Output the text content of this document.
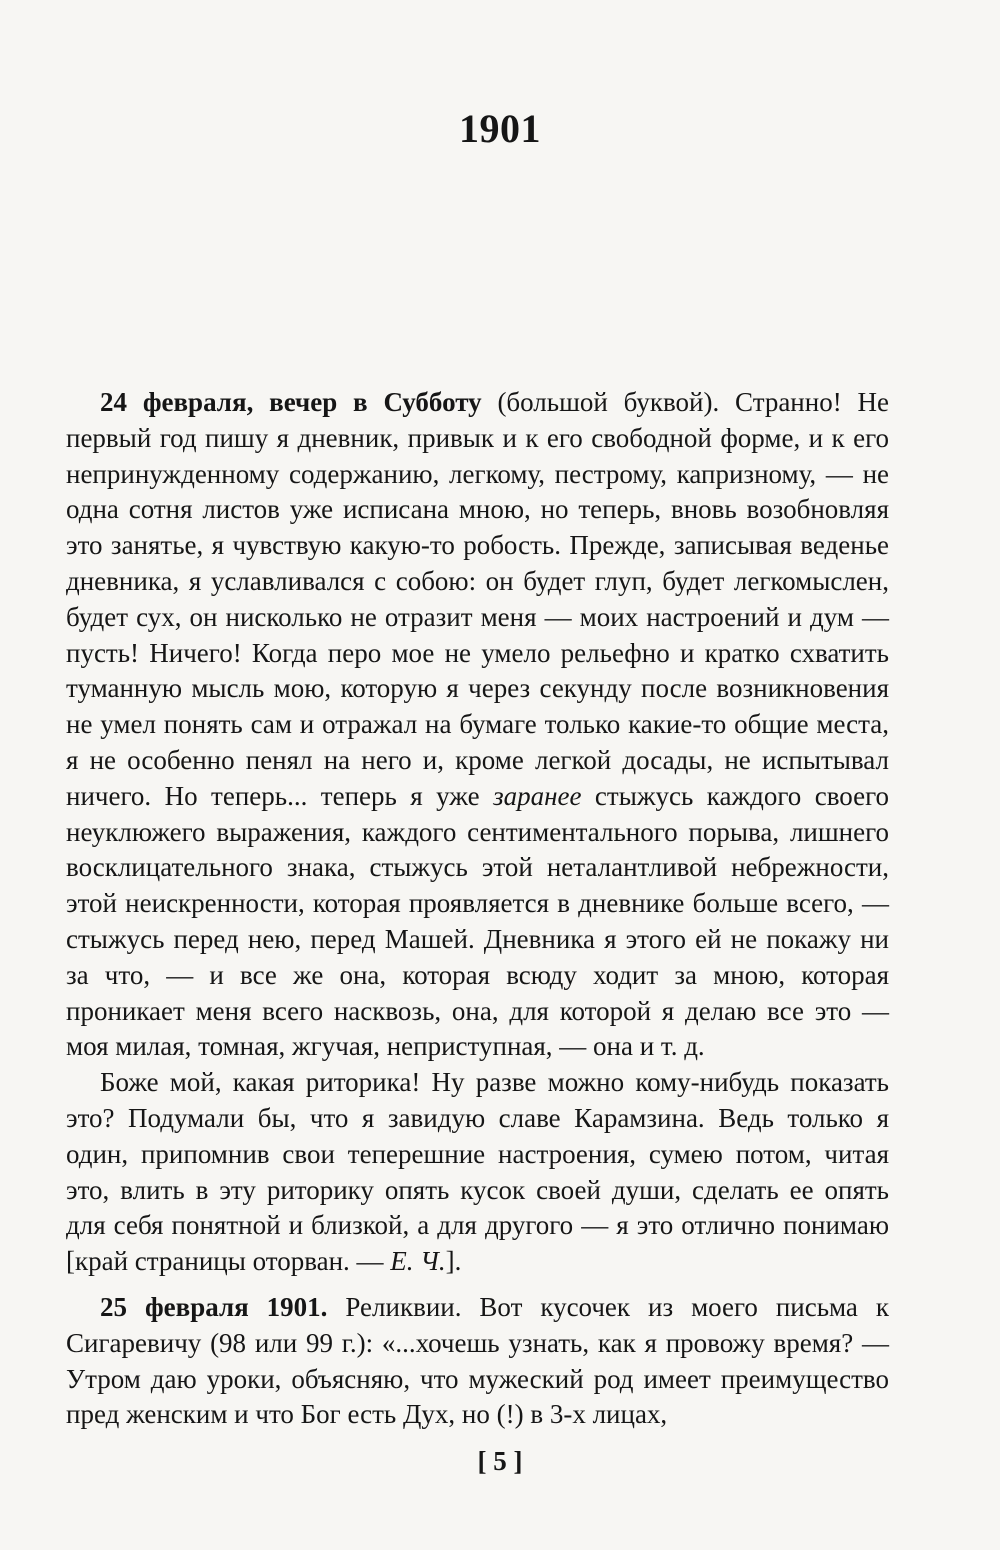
1901

24 февраля, вечер в Субботу (большой буквой). Странно! Не первый год пишу я дневник, привык и к его свободной форме, и к его непринужденному содержанию, легкому, пестрому, капризному, — не одна сотня листов уже исписана мною, но теперь, вновь возобновляя это занятье, я чувствую какую-то робость. Прежде, записывая веденье дневника, я уславливался с собою: он будет глуп, будет легкомыслен, будет сух, он нисколько не отразит меня — моих настроений и дум — пусть! Ничего! Когда перо мое не умело рельефно и кратко схватить туманную мысль мою, которую я через секунду после возникновения не умел понять сам и отражал на бумаге только какие-то общие места, я не особенно пенял на него и, кроме легкой досады, не испытывал ничего. Но теперь... теперь я уже заранее стыжусь каждого своего неуклюжего выражения, каждого сентиментального порыва, лишнего восклицательного знака, стыжусь этой неталантливой небрежности, этой неискренности, которая проявляется в дневнике больше всего, — стыжусь перед нею, перед Машей. Дневника я этого ей не покажу ни за что, — и все же она, которая всюду ходит за мною, которая проникает меня всего насквозь, она, для которой я делаю все это — моя милая, томная, жгучая, неприступная, — она и т. д.

Боже мой, какая риторика! Ну разве можно кому-нибудь показать это? Подумали бы, что я завидую славе Карамзина. Ведь только я один, припомнив свои теперешние настроения, сумею потом, читая это, влить в эту риторику опять кусок своей души, сделать ее опять для себя понятной и близкой, а для другого — я это отлично понимаю [край страницы оторван. — Е. Ч.].

25 февраля 1901. Реликвии. Вот кусочек из моего письма к Сигаревичу (98 или 99 г.): «...хочешь узнать, как я провожу время? — Утром даю уроки, объясняю, что мужеский род имеет преимущество пред женским и что Бог есть Дух, но (!) в 3-х лицах,

[ 5 ]
